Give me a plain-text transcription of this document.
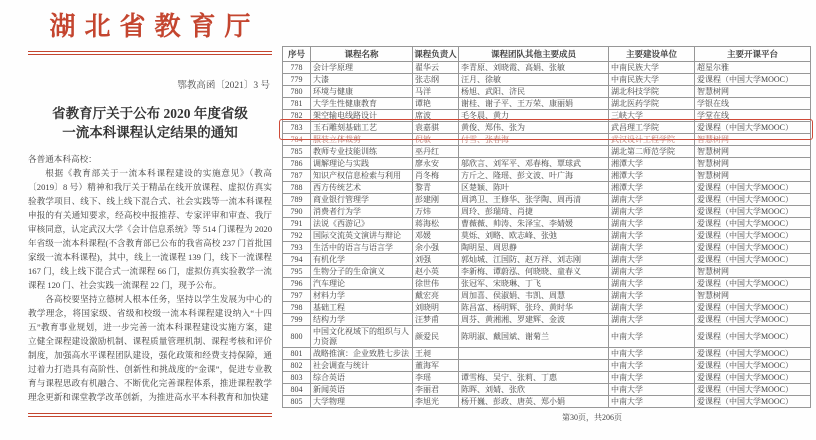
湖北省教育厅
鄂教高函〔2021〕3 号
省教育厅关于公布 2020 年度省级
一流本科课程认定结果的通知

各普通本科高校：

根据《教育部关于一流本科课程建设的实施意见》（教高〔2019〕8 号）精神和我厅关于精品在线开放课程、虚拟仿真实验教学项目、线下、线上线下混合式、社会实践等一流本科课程申报的有关通知要求，经高校申报推荐、专家评审和审查、我厅审核同意，认定武汉大学《会计信息系统》等 514 门课程为 2020 年省级一流本科课程(不含教育部已公布的我省高校 237 门首批国家级一流本科课程)，其中，线上一流课程 139 门，线下一流课程 167 门，线上线下混合式一流课程 66 门，虚拟仿真实验教学一流课程 120 门、社会实践一流课程 22 门，现予公布。

各高校要坚持立德树人根本任务，坚持以学生发展为中心的教学理念，将国家级、省级和校级一流本科课程建设纳入“十四五”教育事业规划，进一步完善一流本科课程建设实施方案，建立健全课程建设激励机制、课程质量管理机制、课程考核和评价制度，加强高水平课程团队建设，强化政策和经费支持保障，通过着力打造具有高阶性、创新性和挑战度的“金课”，促进专业教育与课程思政有机融合、不断优化完善课程体系，推进课程教学理念更新和课堂教学改革创新，为推进高水平本科教育和加快建

序号	课程名称	课程负责人	课程团队其他主要成员	主要建设单位	主要开课平台
778	会计学原理	翟华云	李青原、刘晓霞、高娟、张敏	中南民族大学	超星尔雅
779	大漆	张志纲	汪月、徐敏	中南民族大学	爱课程（中国大学MOOC）
780	环境与健康	马洋	杨旭、武阳、济民	湖北科技学院	智慧树网
781	大学生性健康教育	谭艳	谢桂、谢子平、王万荣、康丽娟	湖北医药学院	学银在线
782	架空输电线路设计	席波	毛冬晨、黄力	三峡大学	学堂在线
783	玉石雕刻基础工艺	袁嘉骐	黄俊、郑伟、张为	武昌理工学院	爱课程（中国大学MOOC）
784	服装立体裁剪	倪敏	付雪、张春海	武汉设计工程学院	智慧树网
785	教师专业技能训练	巫丹红		湖北第二师范学院	智慧树网
786	调解理论与实践	廖永安	邬欣言、刘军平、邓春梅、覃球武	湘潭大学	智慧树网
787	知识产权信息检索与利用	肖冬梅	方斤之、隆瑶、彭文波、叶广海	湘潭大学	智慧树网
788	西方传统艺术	黎青	区楚颖、陈叶	湘潭大学	爱课程（中国大学MOOC）
789	商业银行管理学	彭建刚	周鸿卫、王修华、张学陶、周再清	湖南大学	爱课程（中国大学MOOC）
790	消费者行为学	万炜	周玲、彭瑞琦、肖捷	湖南大学	爱课程（中国大学MOOC）
791	法说《西游记》	蒋海松	曹薇薇、帅涛、朱泽宝、李婧媛	湖南大学	爱课程（中国大学MOOC）
792	国际交流英文演讲与辩论	邓媛	莫烁、刘略、欧志峰、张弛	湖南大学	爱课程（中国大学MOOC）
793	生活中的语言与语言学	余小强	陶明星、周思静	湖南大学	爱课程（中国大学MOOC）
794	有机化学	刘强	郭灿城、江国防、赵万祥、刘志刚	湖南大学	爱课程（中国大学MOOC）
795	生物分子的生命演义	赵小英	李新梅、谭蔚泓、何晓晓、童春义	湖南大学	智慧树网
796	汽车理论	徐世伟	张冠军、宋晓琳、丁飞	湖南大学	爱课程（中国大学MOOC）
797	材料力学	戴宏亮	周加喜、侯淑娟、韦凯、周慧	湖南大学	智慧树网
798	基础工程	刘晓明	陈昌富、杨明辉、张玲、黄时华	湖南大学	爱课程（中国大学MOOC）
799	结构力学	汪梦甫	周芬、黄湘湘、罗建辉、金波	湖南大学	爱课程（中国大学MOOC）
800	中国文化视域下的组织与人力资源	颜爱民	陈明淑、戴国斌、谢菊兰	中南大学	爱课程（中国大学MOOC）
801	战略推演：企业致胜七步法	王昶		中南大学	爱课程（中国大学MOOC）
802	社会调查与统计	董海军		中南大学	爱课程（中国大学MOOC）
803	综合英语	李瑶	谭雪梅、吴宁、张莉、丁惠	中南大学	爱课程（中国大学MOOC）
804	新闻英语	李丽君	陈晖、刘婧、张欣	中南大学	爱课程（中国大学MOOC）
805	大学物理	李旭光	杨开巍、彭政、唐英、郑小娟	中南大学	爱课程（中国大学MOOC）
第30页，共206页
